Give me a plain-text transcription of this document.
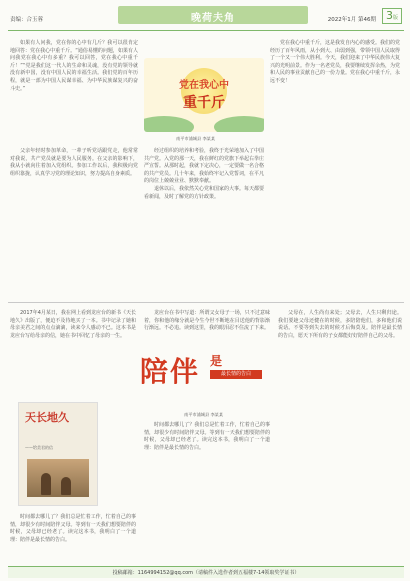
责编：合玉蓉	晚荷夫角	2022年1月 第46期 3版

如果有人问我，党在你的心中有几斤？我可以很肯定地回答：党在我心中重千斤。“通俗易懂的问题，如果有人问我党在我心中有多重？我可以回答，党在我心中重千斤！”“党是我们这一代人的生命和灵魂，没有党的领导就没有新中国，没有中国人民的幸福生活。我们党的百年历程，就是一部为中国人民谋幸福、为中华民族谋复兴的奋斗史。”	党在我心中
重千斤
南平市浦城县 李某某

父亲年轻时参加革命，一辈子听党话跟党走，他常常对我说，共产党员就是要为人民服务。在父亲的影响下，我从小就向往着加入党组织。参加工作以后，我积极向党组织靠拢，认真学习党的理论知识，努力提高自身素质。

经过组织的培养和考验，我终于光荣地加入了中国共产党。入党的那一天，我在鲜红的党旗下举起右拳庄严宣誓。从那时起，我就下定决心，一定要做一名合格的共产党员。几十年来，我始终牢记入党誓词，在平凡的岗位上兢兢业业、默默奉献。

退休以后，我依然关心党和国家的大事。每天都要看新闻，及时了解党的方针政策。

党在我心中重千斤，这是我发自内心的感受。我们的党经历了百年风雨，从小到大、由弱到强，带领中国人民取得了一个又一个伟大胜利。今天，我们迎来了中华民族伟大复兴的光明前景。作为一名老党员，我要继续发挥余热，为党和人民的事业贡献自己的一份力量。党在我心中重千斤，永远不变！

2017年4月某日，我在网上看到龙应台的新书《天长地久》出版了，便迫不及待地买了一本。书中记录了她和母亲美君之间的点点滴滴，读来令人感动不已。这本书是龙应台写给母亲的信，她在书中回忆了母亲的一生。

天长地久
——给美君的信

时间都去哪儿了？我们总是忙着工作，忙着自己的事情，却很少有时间陪伴父母。等到有一天我们想要陪伴的时候，父母却已经老了。读完这本书，我明白了一个道理：陪伴是最长情的告白。

龙应台在书中写道：所谓父女母子一场，只不过意味着，你和他的缘分就是今生今世不断地在目送他的背影渐行渐远。不必追。读到这里，我的眼泪忍不住流了下来。

陪伴 是
最长情的告白
南平市浦城县 李某某

时间都去哪儿了？我们总是忙着工作，忙着自己的事情，却很少有时间陪伴父母。等到有一天我们想要陪伴的时候，父母却已经老了。读完这本书，我明白了一个道理：陪伴是最长情的告白。

父母在，人生尚有来处；父母去，人生只剩归途。我们要趁父母还健在的时候，多陪陪他们，多和他们说说话。不要等到失去的时候才后悔莫及。陪伴是最长情的告白，愿天下所有的子女都能好好陪伴自己的父母。

投稿邮箱：1164994152@qq.com（请稿件入选作者到五福楼7-14领取奖学证书）
